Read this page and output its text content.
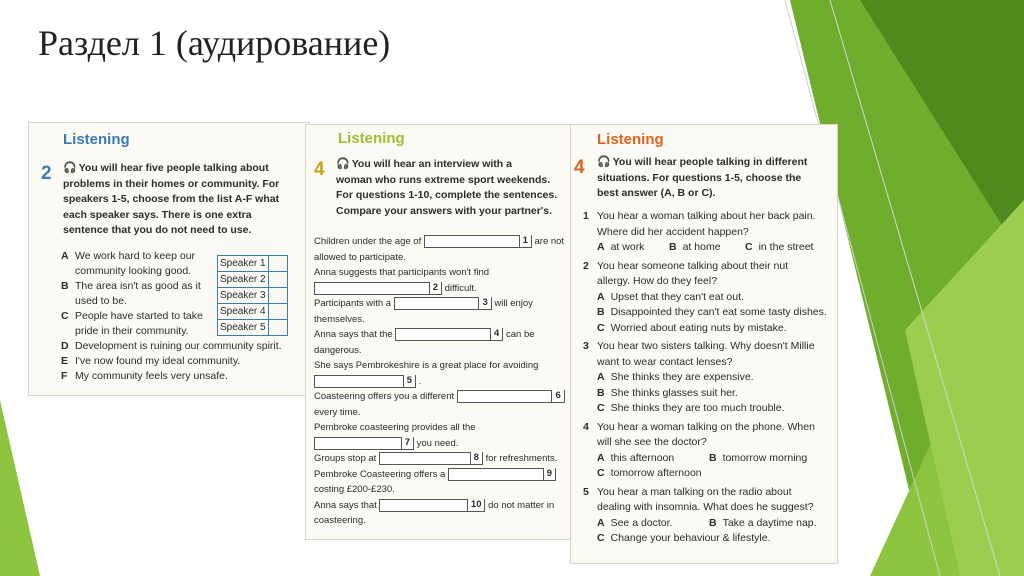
Раздел 1 (аудирование)
Listening
2 🎧 You will hear five people talking about
problems in their homes or community. For
speakers 1-5, choose from the list A-F what
each speaker says. There is one extra
sentence that you do not need to use.
A We work hard to keep our
community looking good.
B The area isn't as good as it
used to be.
C People have started to take
pride in their community.
D Development is ruining our community spirit.
E I've now found my ideal community.
F My community feels very unsafe.
Speaker 1	
Speaker 2	
Speaker 3	
Speaker 4	
Speaker 5	
Listening
4 🎧 You will hear an interview with a
woman who runs extreme sport weekends.
For questions 1-10, complete the sentences.
Compare your answers with your partner's.
Children under the age of	1 are not
allowed to participate.
Anna suggests that participants won't find
2 difficult.
Participants with a	3 will enjoy
themselves.
Anna says that the	4 can be
dangerous.
She says Pembrokeshire is a great place for avoiding
5 .
Coasteering offers you a different	6
every time.
Pembroke coasteering provides all the
7 you need.
Groups stop at	8 for refreshments.
Pembroke Coasteering offers a	9
costing £200-£230.
Anna says that	10 do not matter in
coasteering.
Listening
4 🎧 You will hear people talking in different
situations. For questions 1-5, choose the
best answer (A, B or C).
1 You hear a woman talking about her back pain.
Where did her accident happen?
A at work B at home C in the street
2 You hear someone talking about their nut
allergy. How do they feel?
A Upset that they can't eat out.
B Disappointed they can't eat some tasty dishes.
C Worried about eating nuts by mistake.
3 You hear two sisters talking. Why doesn't Millie
want to wear contact lenses?
A She thinks they are expensive.
B She thinks glasses suit her.
C She thinks they are too much trouble.
4 You hear a woman talking on the phone. When
will she see the doctor?
A this afternoon	B tomorrow morning
C tomorrow afternoon
5 You hear a man talking on the radio about
dealing with insomnia. What does he suggest?
A See a doctor.	B Take a daytime nap.
C Change your behaviour & lifestyle.
